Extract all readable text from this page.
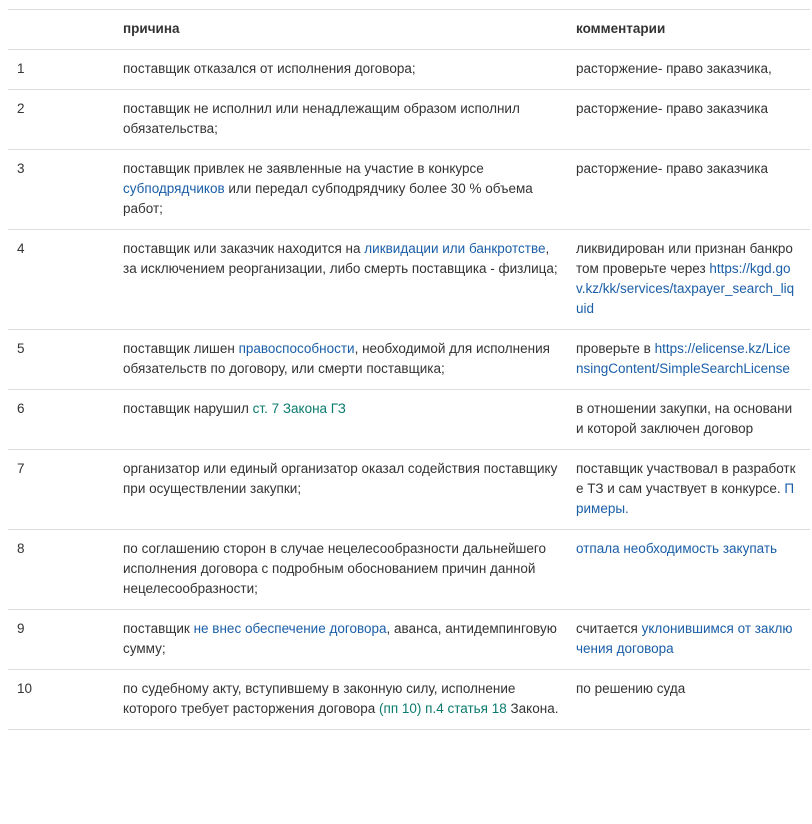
	причина	комментарии
1	поставщик отказался от исполнения договора;	расторжение- право заказчика,
2	поставщик не исполнил или ненадлежащим образом исполнил обязательства;	расторжение- право заказчика
3	поставщик привлек не заявленные на участие в конкурсе субподрядчиков или передал субподрядчику более 30 % объема работ;	расторжение- право заказчика
4	поставщик или заказчик находится на ликвидации или банкротстве, за исключением реорганизации, либо смерть поставщика - физлица;	ликвидирован или признан банкротом проверьте через https://kgd.gov.kz/kk/services/taxpayer_search_liquid
5	поставщик лишен правоспособности, необходимой для исполнения обязательств по договору, или смерти поставщика;	проверьте в https://elicense.kz/LicensingContent/SimpleSearchLicense
6	поставщик нарушил ст. 7 Закона ГЗ	в отношении закупки, на основании которой заключен договор
7	организатор или единый организатор оказал содействия поставщику при осуществлении закупки;	поставщик участвовал в разработке ТЗ и сам участвует в конкурсе. Примеры.
8	по соглашению сторон в случае нецелесообразности дальнейшего исполнения договора с подробным обоснованием причин данной нецелесообразности;	отпала необходимость закупать
9	поставщик не внес обеспечение договора, аванса, антидемпинговую сумму;	считается уклонившимся от заключения договора
10	по судебному акту, вступившему в законную силу, исполнение которого требует расторжения договора (пп 10) п.4 статья 18 Закона.	по решению суда
